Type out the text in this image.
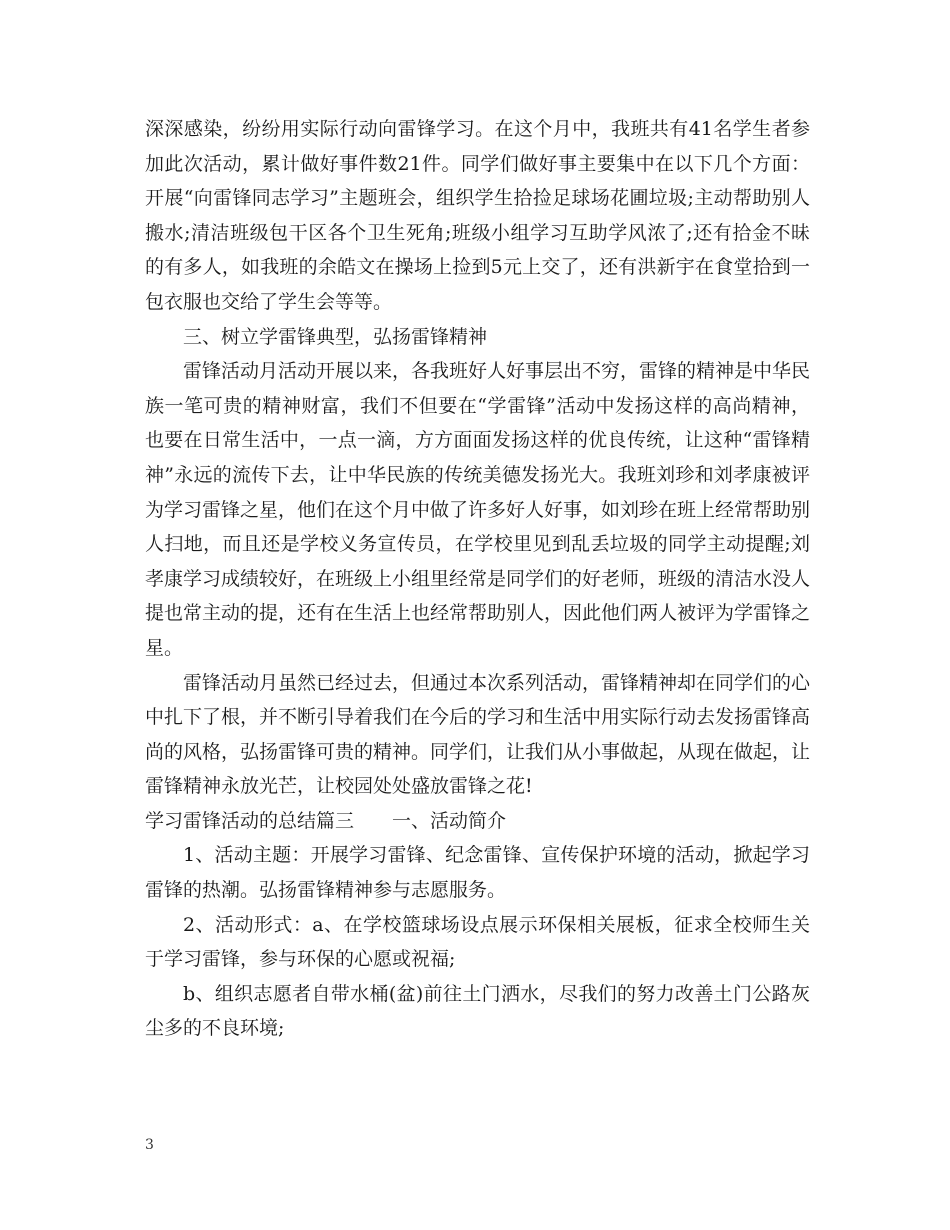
深深感染，纷纷用实际行动向雷锋学习。在这个月中，我班共有41名学生者参加此次活动，累计做好事件数21件。同学们做好事主要集中在以下几个方面：开展“向雷锋同志学习”主题班会，组织学生拾捡足球场花圃垃圾;主动帮助别人搬水;清洁班级包干区各个卫生死角;班级小组学习互助学风浓了;还有拾金不昧的有多人，如我班的余皓文在操场上捡到5元上交了，还有洪新宇在食堂拾到一包衣服也交给了学生会等等。

三、树立学雷锋典型，弘扬雷锋精神

雷锋活动月活动开展以来，各我班好人好事层出不穷，雷锋的精神是中华民族一笔可贵的精神财富，我们不但要在“学雷锋”活动中发扬这样的高尚精神，也要在日常生活中，一点一滴，方方面面发扬这样的优良传统，让这种“雷锋精神”永远的流传下去，让中华民族的传统美德发扬光大。我班刘珍和刘孝康被评为学习雷锋之星，他们在这个月中做了许多好人好事，如刘珍在班上经常帮助别人扫地，而且还是学校义务宣传员，在学校里见到乱丢垃圾的同学主动提醒;刘孝康学习成绩较好，在班级上小组里经常是同学们的好老师，班级的清洁水没人提也常主动的提，还有在生活上也经常帮助别人，因此他们两人被评为学雷锋之星。

雷锋活动月虽然已经过去，但通过本次系列活动，雷锋精神却在同学们的心中扎下了根，并不断引导着我们在今后的学习和生活中用实际行动去发扬雷锋高尚的风格，弘扬雷锋可贵的精神。同学们，让我们从小事做起，从现在做起，让雷锋精神永放光芒，让校园处处盛放雷锋之花!

学习雷锋活动的总结篇三　　一、活动简介

1、活动主题：开展学习雷锋、纪念雷锋、宣传保护环境的活动，掀起学习雷锋的热潮。弘扬雷锋精神参与志愿服务。

2、活动形式：a、在学校篮球场设点展示环保相关展板，征求全校师生关于学习雷锋，参与环保的心愿或祝福;

b、组织志愿者自带水桶(盆)前往土门洒水，尽我们的努力改善土门公路灰尘多的不良环境;

3
